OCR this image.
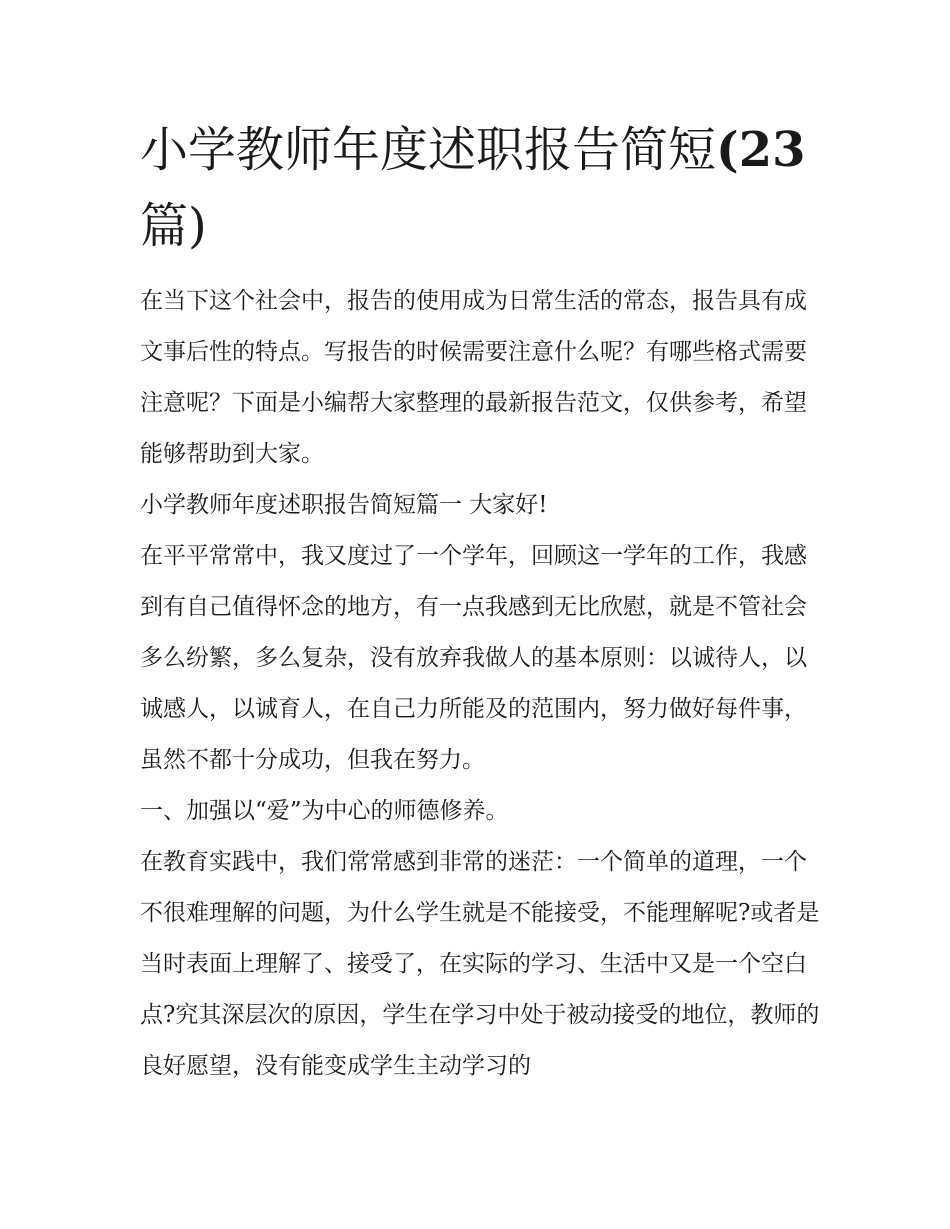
小学教师年度述职报告简短(23
篇)

在当下这个社会中，报告的使用成为日常生活的常态，报告具有成文事后性的特点。写报告的时候需要注意什么呢？有哪些格式需要注意呢？下面是小编帮大家整理的最新报告范文，仅供参考，希望能够帮助到大家。

小学教师年度述职报告简短篇一 大家好!

在平平常常中，我又度过了一个学年，回顾这一学年的工作，我感到有自己值得怀念的地方，有一点我感到无比欣慰，就是不管社会多么纷繁，多么复杂，没有放弃我做人的基本原则：以诚待人，以诚感人，以诚育人，在自己力所能及的范围内，努力做好每件事，虽然不都十分成功，但我在努力。

一、加强以“爱”为中心的师德修养。

在教育实践中，我们常常感到非常的迷茫：一个简单的道理，一个不很难理解的问题，为什么学生就是不能接受，不能理解呢?或者是当时表面上理解了、接受了，在实际的学习、生活中又是一个空白点?究其深层次的原因，学生在学习中处于被动接受的地位，教师的良好愿望，没有能变成学生主动学习的
